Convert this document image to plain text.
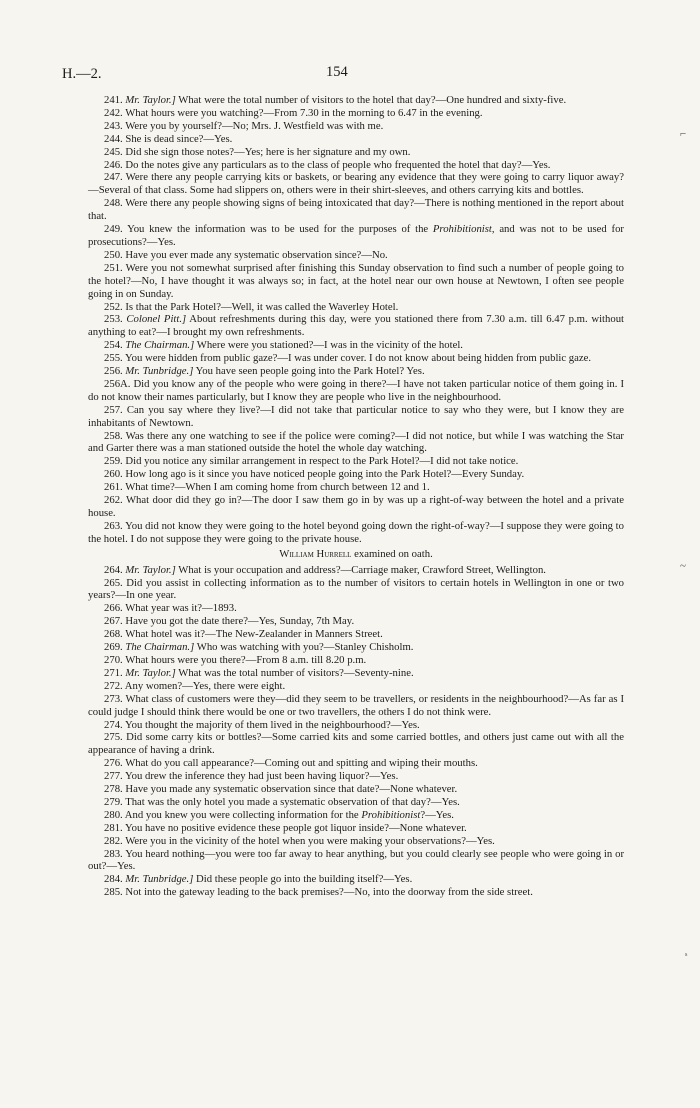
H.—2.	154

241. Mr. Taylor.] What were the total number of visitors to the hotel that day?—One hundred and sixty-five.

242. What hours were you watching?—From 7.30 in the morning to 6.47 in the evening.

243. Were you by yourself?—No; Mrs. J. Westfield was with me.

244. She is dead since?—Yes.

245. Did she sign those notes?—Yes; here is her signature and my own.

246. Do the notes give any particulars as to the class of people who frequented the hotel that day?—Yes.

247. Were there any people carrying kits or baskets, or bearing any evidence that they were going to carry liquor away?—Several of that class. Some had slippers on, others were in their shirt-sleeves, and others carrying kits and bottles.

248. Were there any people showing signs of being intoxicated that day?—There is nothing mentioned in the report about that.

249. You knew the information was to be used for the purposes of the Prohibitionist, and was not to be used for prosecutions?—Yes.

250. Have you ever made any systematic observation since?—No.

251. Were you not somewhat surprised after finishing this Sunday observation to find such a number of people going to the hotel?—No, I have thought it was always so; in fact, at the hotel near our own house at Newtown, I often see people going in on Sunday.

252. Is that the Park Hotel?—Well, it was called the Waverley Hotel.

253. Colonel Pitt.] About refreshments during this day, were you stationed there from 7.30 a.m. till 6.47 p.m. without anything to eat?—I brought my own refreshments.

254. The Chairman.] Where were you stationed?—I was in the vicinity of the hotel.

255. You were hidden from public gaze?—I was under cover. I do not know about being hidden from public gaze.

256. Mr. Tunbridge.] You have seen people going into the Park Hotel? Yes.

256A. Did you know any of the people who were going in there?—I have not taken particular notice of them going in. I do not know their names particularly, but I know they are people who live in the neighbourhood.

257. Can you say where they live?—I did not take that particular notice to say who they were, but I know they are inhabitants of Newtown.

258. Was there any one watching to see if the police were coming?—I did not notice, but while I was watching the Star and Garter there was a man stationed outside the hotel the whole day watching.

259. Did you notice any similar arrangement in respect to the Park Hotel?—I did not take notice.

260. How long ago is it since you have noticed people going into the Park Hotel?—Every Sunday.

261. What time?—When I am coming home from church between 12 and 1.

262. What door did they go in?—The door I saw them go in by was up a right-of-way between the hotel and a private house.

263. You did not know they were going to the hotel beyond going down the right-of-way?—I suppose they were going to the hotel. I do not suppose they were going to the private house.

William Hurrell examined on oath.

264. Mr. Taylor.] What is your occupation and address?—Carriage maker, Crawford Street, Wellington.

265. Did you assist in collecting information as to the number of visitors to certain hotels in Wellington in one or two years?—In one year.

266. What year was it?—1893.

267. Have you got the date there?—Yes, Sunday, 7th May.

268. What hotel was it?—The New-Zealander in Manners Street.

269. The Chairman.] Who was watching with you?—Stanley Chisholm.

270. What hours were you there?—From 8 a.m. till 8.20 p.m.

271. Mr. Taylor.] What was the total number of visitors?—Seventy-nine.

272. Any women?—Yes, there were eight.

273. What class of customers were they—did they seem to be travellers, or residents in the neighbourhood?—As far as I could judge I should think there would be one or two travellers, the others I do not think were.

274. You thought the majority of them lived in the neighbourhood?—Yes.

275. Did some carry kits or bottles?—Some carried kits and some carried bottles, and others just came out with all the appearance of having a drink.

276. What do you call appearance?—Coming out and spitting and wiping their mouths.

277. You drew the inference they had just been having liquor?—Yes.

278. Have you made any systematic observation since that date?—None whatever.

279. That was the only hotel you made a systematic observation of that day?—Yes.

280. And you knew you were collecting information for the Prohibitionist?—Yes.

281. You have no positive evidence these people got liquor inside?—None whatever.

282. Were you in the vicinity of the hotel when you were making your observations?—Yes.

283. You heard nothing—you were too far away to hear anything, but you could clearly see people who were going in or out?—Yes.

284. Mr. Tunbridge.] Did these people go into the building itself?—Yes.

285. Not into the gateway leading to the back premises?—No, into the doorway from the side street.

⌐
~
ˢ
